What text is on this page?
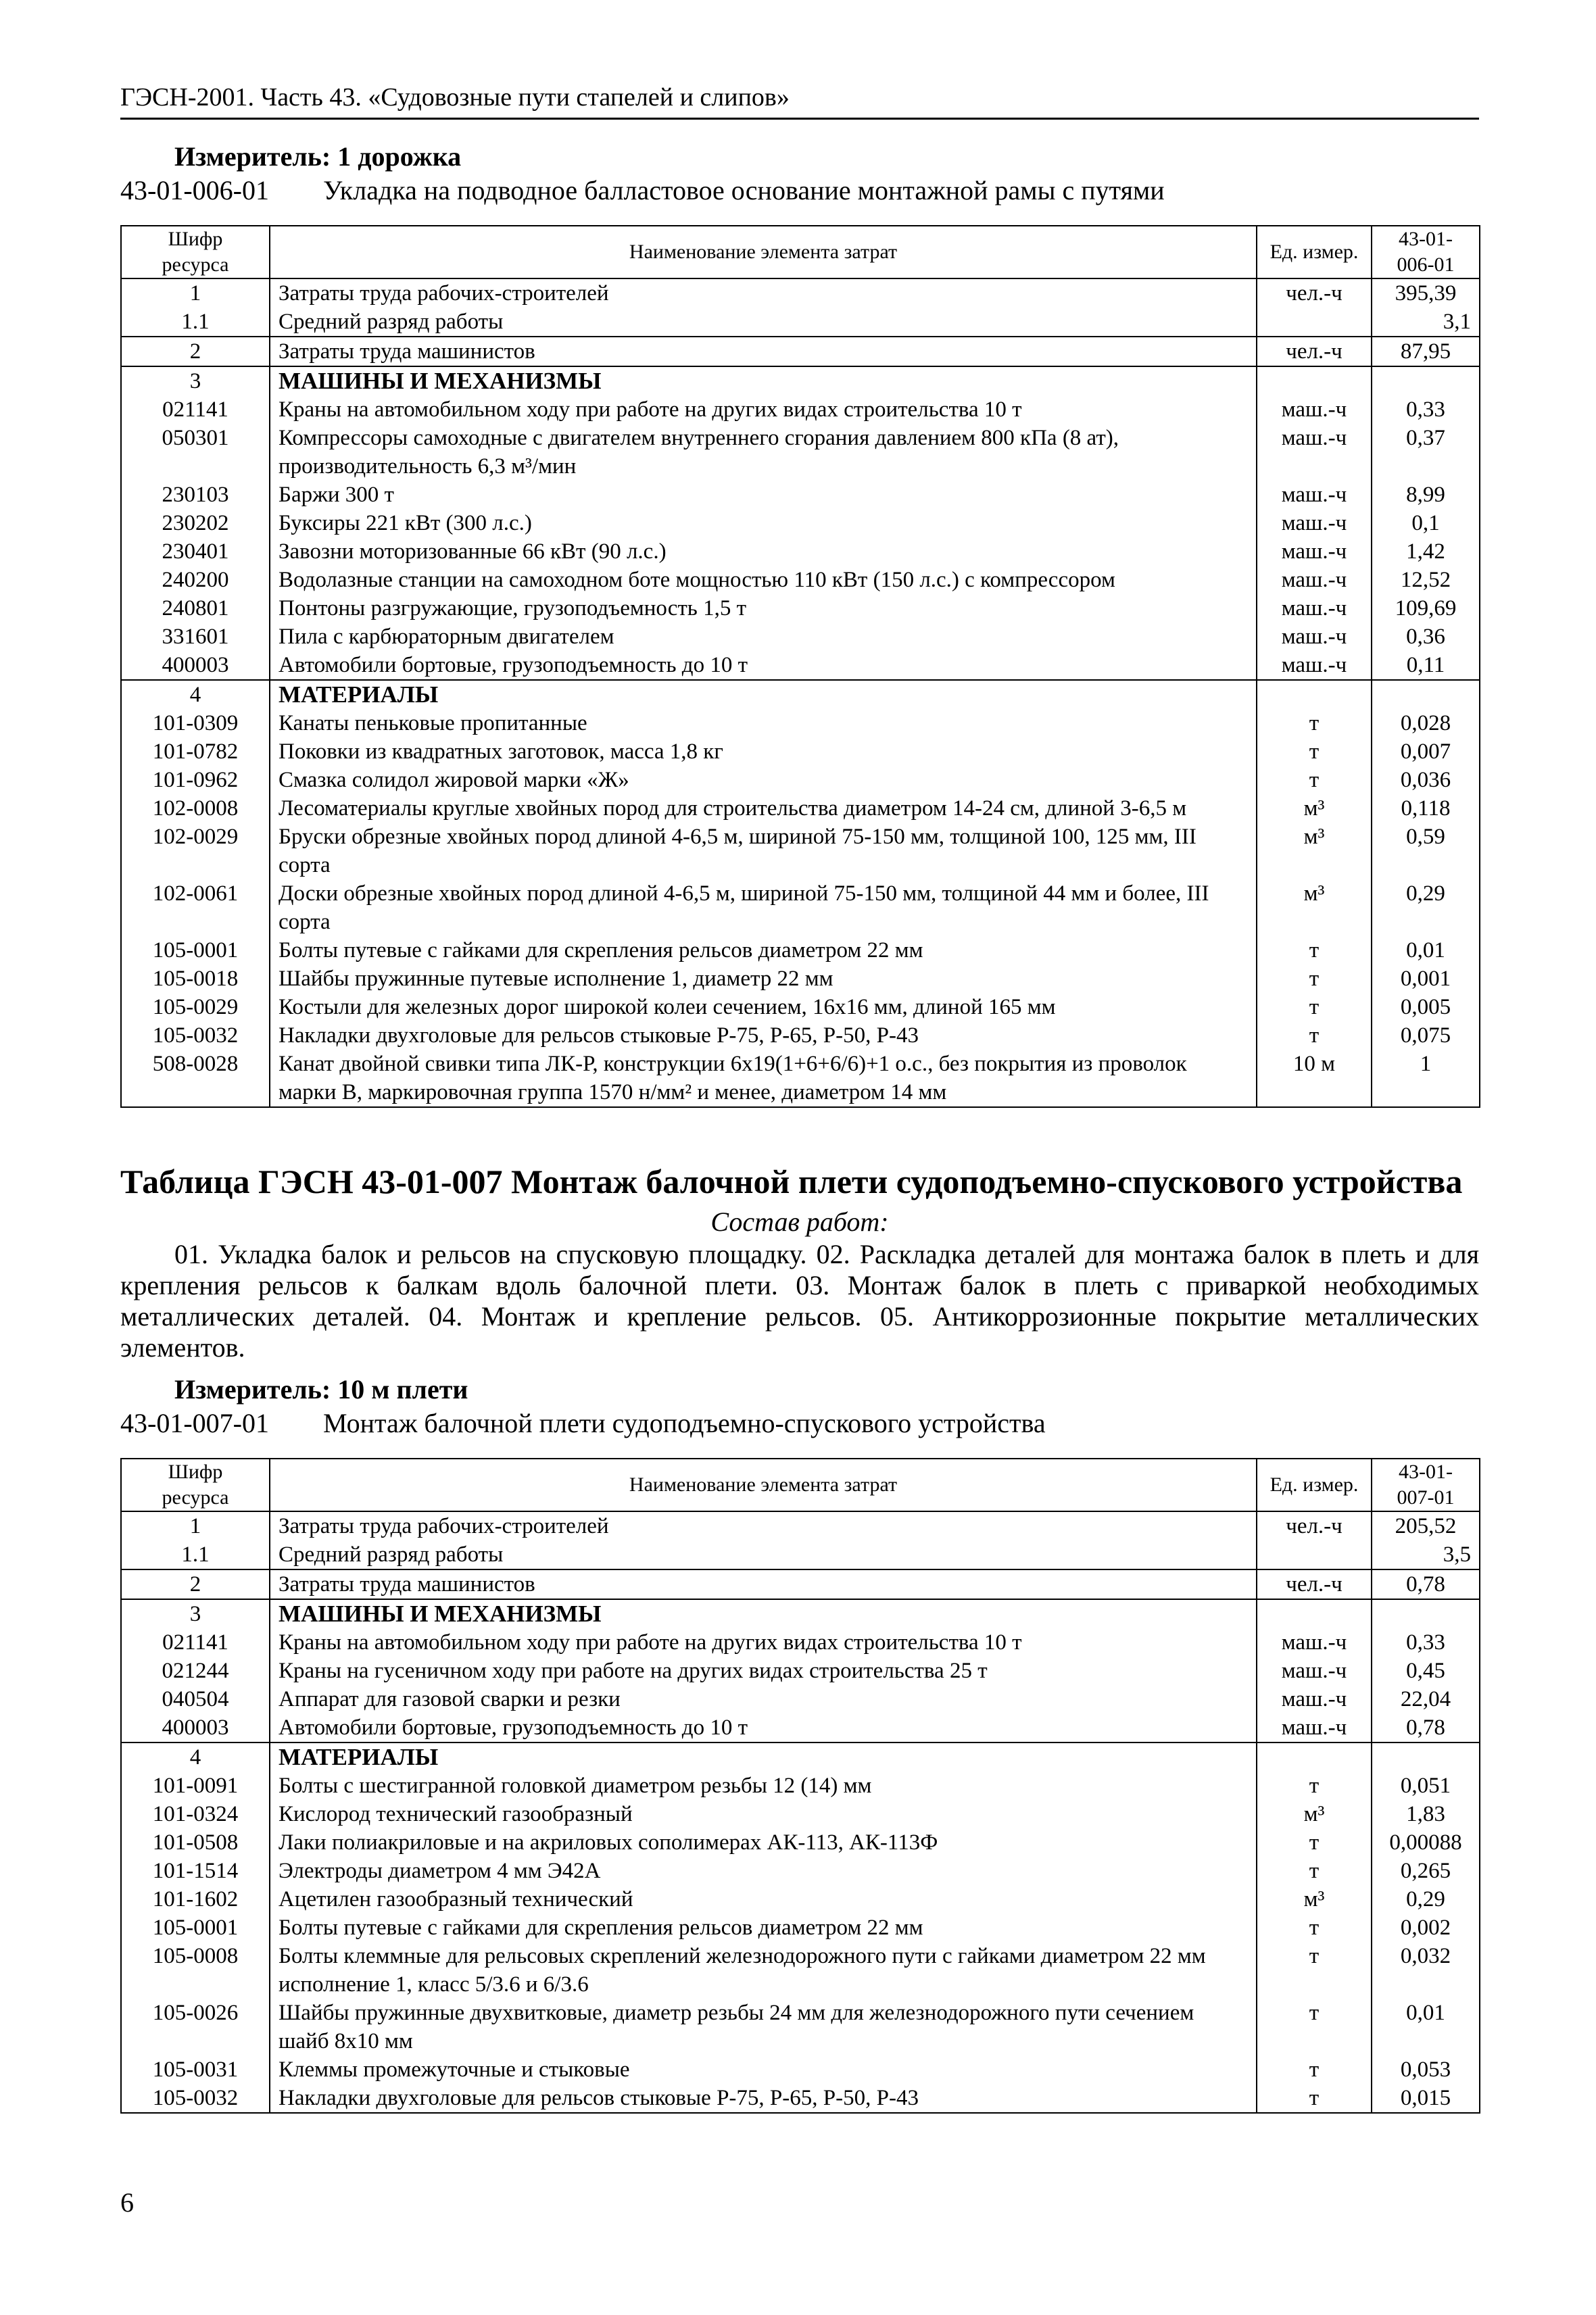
ГЭСН-2001. Часть 43. «Судовозные пути стапелей и слипов»
Измеритель: 1 дорожка
43-01-006-01	Укладка на подводное балластовое основание монтажной рамы с путями
Шифр
ресурса	Наименование элемента затрат	Ед. измер.	43-01-
006-01
1	Затраты труда рабочих-строителей	чел.-ч	395,39
1.1	Средний разряд работы		3,1
2	Затраты труда машинистов	чел.-ч	87,95
3	МАШИНЫ И МЕХАНИЗМЫ		
021141	Краны на автомобильном ходу при работе на других видах строительства 10 т	маш.-ч	0,33
050301	Компрессоры самоходные с двигателем внутреннего сгорания давлением 800 кПа (8 ат), производительность 6,3 м³/мин	маш.-ч	0,37
230103	Баржи 300 т	маш.-ч	8,99
230202	Буксиры 221 кВт (300 л.с.)	маш.-ч	0,1
230401	Завозни моторизованные 66 кВт (90 л.с.)	маш.-ч	1,42
240200	Водолазные станции на самоходном боте мощностью 110 кВт (150 л.с.) с компрессором	маш.-ч	12,52
240801	Понтоны разгружающие, грузоподъемность 1,5 т	маш.-ч	109,69
331601	Пила с карбюраторным двигателем	маш.-ч	0,36
400003	Автомобили бортовые, грузоподъемность до 10 т	маш.-ч	0,11
4	МАТЕРИАЛЫ		
101-0309	Канаты пеньковые пропитанные	т	0,028
101-0782	Поковки из квадратных заготовок, масса 1,8 кг	т	0,007
101-0962	Смазка солидол жировой марки «Ж»	т	0,036
102-0008	Лесоматериалы круглые хвойных пород для строительства диаметром 14-24 см, длиной 3-6,5 м	м³	0,118
102-0029	Бруски обрезные хвойных пород длиной 4-6,5 м, шириной 75-150 мм, толщиной 100, 125 мм, III сорта	м³	0,59
102-0061	Доски обрезные хвойных пород длиной 4-6,5 м, шириной 75-150 мм, толщиной 44 мм и более, III сорта	м³	0,29
105-0001	Болты путевые с гайками для скрепления рельсов диаметром 22 мм	т	0,01
105-0018	Шайбы пружинные путевые исполнение 1, диаметр 22 мм	т	0,001
105-0029	Костыли для железных дорог широкой колеи сечением, 16х16 мм, длиной 165 мм	т	0,005
105-0032	Накладки двухголовые для рельсов стыковые Р-75, Р-65, Р-50, Р-43	т	0,075
508-0028	Канат двойной свивки типа ЛК-Р, конструкции 6х19(1+6+6/6)+1 о.с., без покрытия из проволок марки В, маркировочная группа 1570 н/мм² и менее, диаметром 14 мм	10 м	1
Таблица ГЭСН 43-01-007 Монтаж балочной плети судоподъемно-спускового устройства
Состав работ:

01. Укладка балок и рельсов на спусковую площадку. 02. Раскладка деталей для монтажа балок в плеть и для крепления рельсов к балкам вдоль балочной плети. 03. Монтаж балок в плеть с приваркой необходимых металлических деталей. 04. Монтаж и крепление рельсов. 05. Антикоррозионные покрытие металлических элементов.

Измеритель: 10 м плети
43-01-007-01	Монтаж балочной плети судоподъемно-спускового устройства
Шифр
ресурса	Наименование элемента затрат	Ед. измер.	43-01-
007-01
1	Затраты труда рабочих-строителей	чел.-ч	205,52
1.1	Средний разряд работы		3,5
2	Затраты труда машинистов	чел.-ч	0,78
3	МАШИНЫ И МЕХАНИЗМЫ		
021141	Краны на автомобильном ходу при работе на других видах строительства 10 т	маш.-ч	0,33
021244	Краны на гусеничном ходу при работе на других видах строительства 25 т	маш.-ч	0,45
040504	Аппарат для газовой сварки и резки	маш.-ч	22,04
400003	Автомобили бортовые, грузоподъемность до 10 т	маш.-ч	0,78
4	МАТЕРИАЛЫ		
101-0091	Болты с шестигранной головкой диаметром резьбы 12 (14) мм	т	0,051
101-0324	Кислород технический газообразный	м³	1,83
101-0508	Лаки полиакриловые и на акриловых сополимерах АК-113, АК-113Ф	т	0,00088
101-1514	Электроды диаметром 4 мм Э42А	т	0,265
101-1602	Ацетилен газообразный технический	м³	0,29
105-0001	Болты путевые с гайками для скрепления рельсов диаметром 22 мм	т	0,002
105-0008	Болты клеммные для рельсовых скреплений железнодорожного пути с гайками диаметром 22 мм исполнение 1, класс 5/3.6 и 6/3.6	т	0,032
105-0026	Шайбы пружинные двухвитковые, диаметр резьбы 24 мм для железнодорожного пути сечением шайб 8х10 мм	т	0,01
105-0031	Клеммы промежуточные и стыковые	т	0,053
105-0032	Накладки двухголовые для рельсов стыковые Р-75, Р-65, Р-50, Р-43	т	0,015
6
